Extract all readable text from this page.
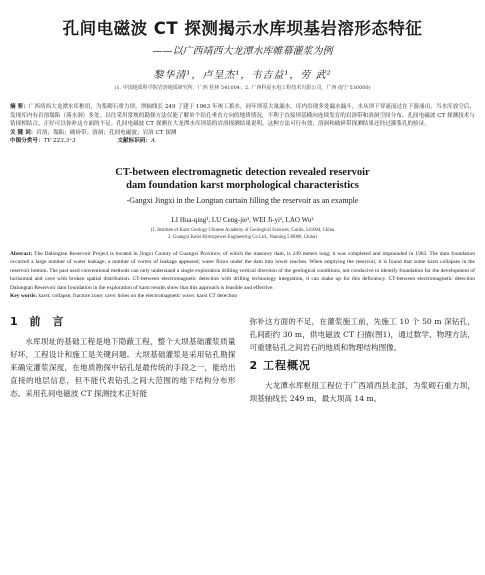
孔间电磁波 CT 探测揭示水库坝基岩溶形态特征
——以广西靖西大龙潭水库帷幕灌浆为例
黎华清¹，卢呈杰¹，韦吉益¹，劳 武²
(1. 中国地质科学院岩溶地质研究所，广西 桂林 541004；2. 广西科夏水电工程技术有限公司，广西 南宁 530000)
摘 要：广西靖西大龙潭水库枢纽，为浆砌石重力坝，坝轴线长 249 了建于 1963 年竣工蓄水，同年坝基大量漏水，库内出现多处漏水漏斗，水从坝下穿流而过在下游涌出，当水库放空后，发现库内有岩溶塌陷（落水洞）多处。以往采用常规的勘探方法仅能了解单个钻孔垂直方向的地质情况，不利于直接坝基横向连续发育的岩溶带和溶洞空间分布，孔间电磁波 CT 探测技术与钻探相结合，正好可以弥补这方面的不足。孔间电磁波 CT 探测在大龙潭水库坝基的岩溶探测结果说明，这种方法可行有效，溶洞和破碎带探测结果还经过灌浆孔的验证。
关 键 词：岩溶；塌陷；破碎带；溶洞；孔间电磁波；岩溶 CT 探测
中图分类号：TV 223.3⁺3	文献标识码：A
CT-between electromagnetic detection revealed reservoir
dam foundation karst morphological characteristics
-Gangxi Jingxi in the Longtan curtain filling the reservoir as an example
LI Hua-qing¹, LU Ceng-jie¹, WEI Ji-yi¹, LAO Wu²
(1. Institute of Karst Geology Chinese Academy of Geological Sciences, Guilin, 541004, China
2. Guangxi Kelai Hydropower Engineering Co.Ltd., Nanning 530000, China)
Abstract: The Dalongtan Reservoir Project is located in Jingxi County of Guangxi Province, of which the masonry dam, is 249 meters long; it was completed and impounded in 1963. The dam foundation occurred a large number of water leakage; a number of vortex of leakage appeared; water flows under the dam into lower reaches. When emptying the reservoir, it is found that some karst collapses in the reservoir bottom. The past used conventional methods can only understand a single exploration drilling vertical direction of the geological conditions, not conducive to identify foundation for the development of horizontal and cave with broken spatial distribution. CT-between electromagnetic detection with drilling technology integration, it can make up for this deficiency. CT-between electromagnetic detection Dalongtan Reservoir dam foundation in the exploration of karst results show that this approach is feasible and effective.
Key words: karst; collapse; fracture zone; cave; holes on the electromagnetic wave; karst CT detection
1 前 言

水库坝址的基础工程是地下隐蔽工程，整个大坝基础灌浆质量好坏，工程设计和施工是关键问题。大坝基础灌浆是采用钻孔勘探来确定灌浆深度，在地质勘探中钻孔是最传统的手段之一，能给出直接的地层信息，但不能代表钻孔之间大范围的地下结构分布形态。采用孔间电磁波 CT 探测技术正好能

弥补这方面的不足，在灌浆施工前，先施工 10 个 50 m 深钻孔，孔间距约 30 m，供电磁波 CT 扫描(图1)，通过数学、物理方法，可重建钻孔之间岩石的地质和物理结构图像。

2 工程概况

大龙潭水库枢纽工程位于广西靖西县北部，为浆砌石重力坝，坝基轴线长 249 m，最大坝高 14 m。
